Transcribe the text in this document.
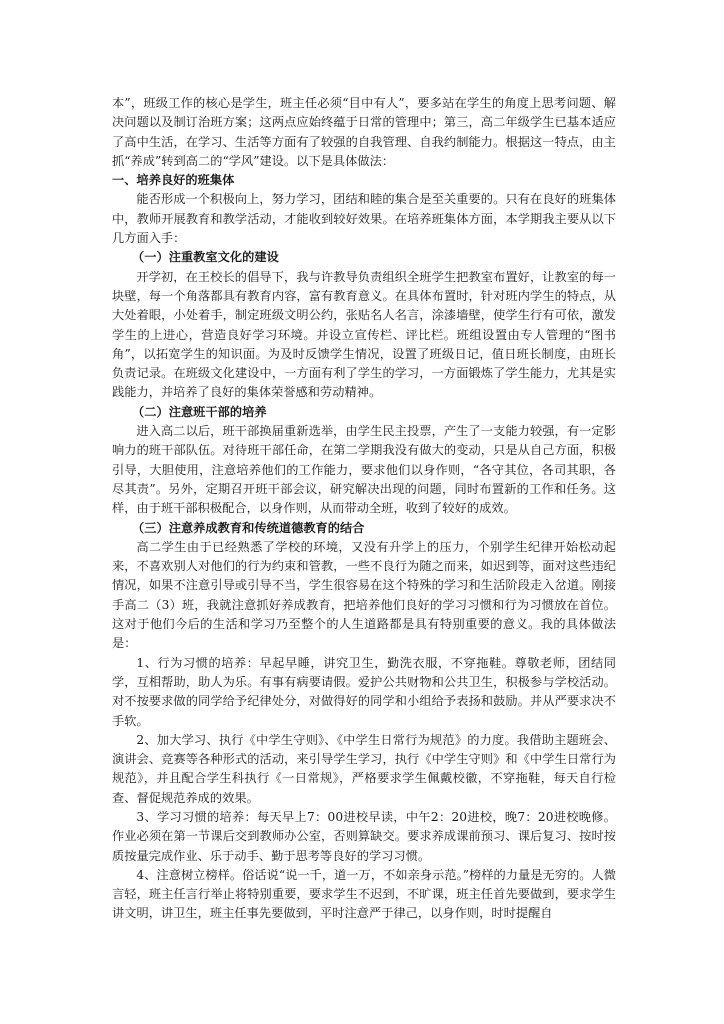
本”，班级工作的核心是学生，班主任必须“目中有人”，要多站在学生的角度上思考问题、解决问题以及制订治班方案；这两点应始终蕴于日常的管理中；第三，高二年级学生已基本适应了高中生活，在学习、生活等方面有了较强的自我管理、自我约制能力。根据这一特点，由主抓“养成”转到高二的“学风”建设。以下是具体做法：

一、培养良好的班集体

能否形成一个积极向上，努力学习，团结和睦的集合是至关重要的。只有在良好的班集体中，教师开展教育和教学活动，才能收到较好效果。在培养班集体方面，本学期我主要从以下几方面入手：

（一）注重教室文化的建设

开学初，在王校长的倡导下，我与许教导负责组织全班学生把教室布置好，让教室的每一块壁，每一个角落都具有教育内容，富有教育意义。在具体布置时，针对班内学生的特点，从大处着眼，小处着手，制定班级文明公约，张贴名人名言，涂漆墙壁，使学生行有可依，激发学生的上进心，营造良好学习环境。并设立宣传栏、评比栏。班组设置由专人管理的“图书角”，以拓宽学生的知识面。为及时反馈学生情况，设置了班级日记，值日班长制度，由班长负责记录。在班级文化建设中，一方面有利了学生的学习，一方面锻炼了学生能力，尤其是实践能力，并培养了良好的集体荣誉感和劳动精神。

（二）注意班干部的培养

进入高二以后，班干部换届重新选举，由学生民主投票，产生了一支能力较强，有一定影响力的班干部队伍。对待班干部任命，在第二学期我没有做大的变动，只是从自己方面，积极引导，大胆使用，注意培养他们的工作能力，要求他们以身作则，“各守其位，各司其职，各尽其责”。另外，定期召开班干部会议，研究解决出现的问题，同时布置新的工作和任务。这样，由于班干部积极配合，以身作则，从而带动全班，收到了较好的成效。

（三）注意养成教育和传统道德教育的结合

高二学生由于已经熟悉了学校的环境，又没有升学上的压力，个别学生纪律开始松动起来，不喜欢别人对他们的行为约束和管教，一些不良行为随之而来，如迟到等，面对这些违纪情况，如果不注意引导或引导不当，学生很容易在这个特殊的学习和生活阶段走入岔道。刚接手高二（3）班，我就注意抓好养成教育，把培养他们良好的学习习惯和行为习惯放在首位。这对于他们今后的生活和学习乃至整个的人生道路都是具有特别重要的意义。我的具体做法是：

1、行为习惯的培养：早起早睡，讲究卫生，勤洗衣服，不穿拖鞋。尊敬老师，团结同学，互相帮助，助人为乐。有事有病要请假。爱护公共财物和公共卫生，积极参与学校活动。对不按要求做的同学给予纪律处分，对做得好的同学和小组给予表扬和鼓励。并从严要求决不手软。

2、加大学习、执行《中学生守则》、《中学生日常行为规范》的力度。我借助主题班会、演讲会、竞赛等各种形式的活动，来引导学生学习，执行《中学生守则》和《中学生日常行为规范》，并且配合学生科执行《一日常规》，严格要求学生佩戴校徽，不穿拖鞋，每天自行检查、督促规范养成的效果。

3、学习习惯的培养：每天早上7：00进校早读，中午2：20进校，晚7：20进校晚修。作业必须在第一节课后交到教师办公室，否则算缺交。要求养成课前预习、课后复习、按时按质按量完成作业、乐于动手、勤于思考等良好的学习习惯。

4、注意树立榜样。俗话说“说一千，道一万，不如亲身示范。”榜样的力量是无穷的。人微言轻，班主任言行举止将特别重要，要求学生不迟到，不旷课，班主任首先要做到，要求学生讲文明，讲卫生，班主任事先要做到，平时注意严于律己，以身作则，时时提醒自
